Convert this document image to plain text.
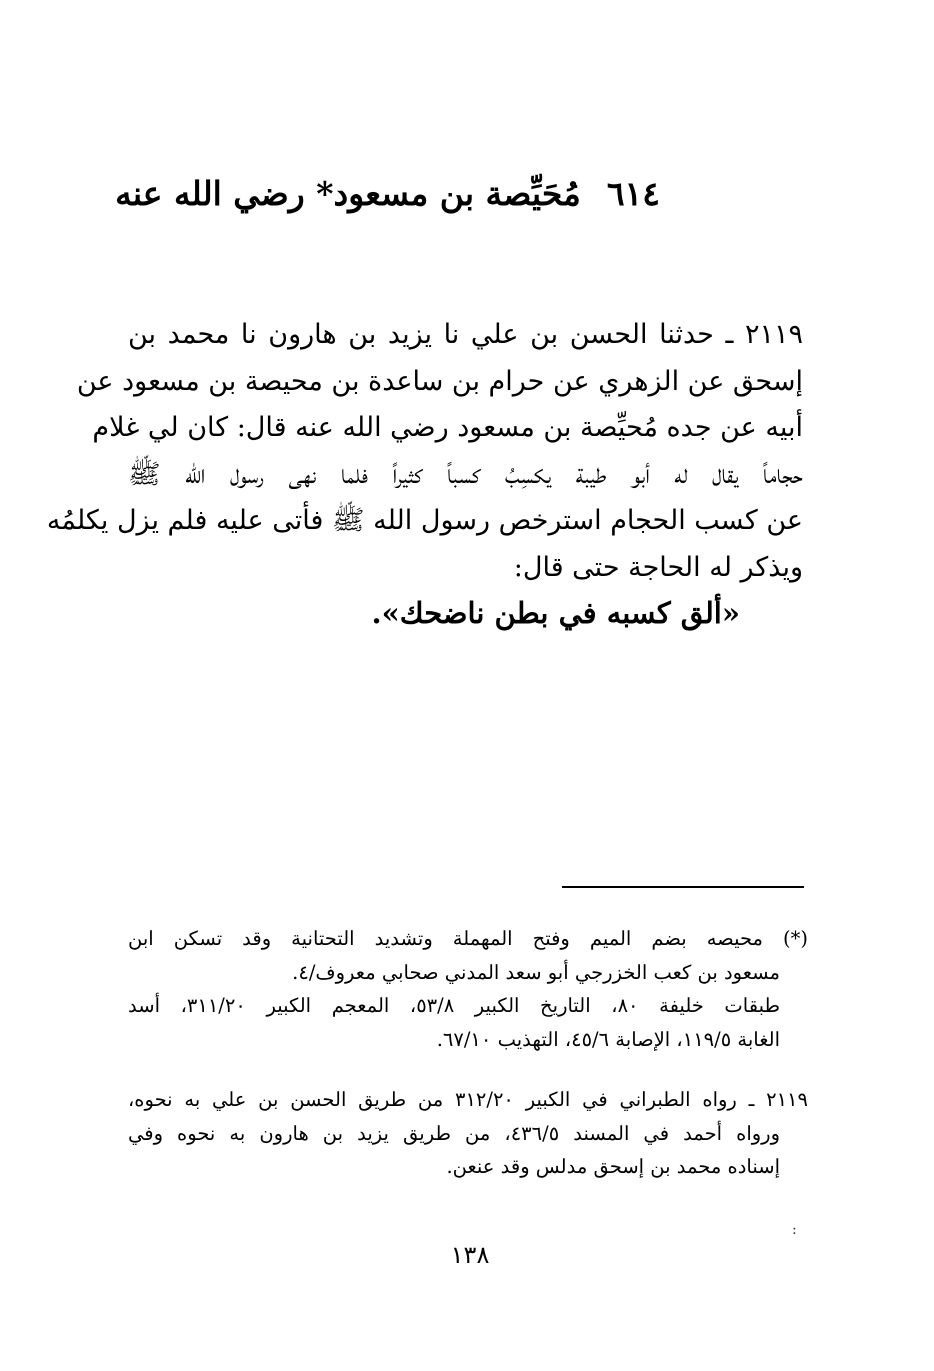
٦١٤مُحَيِّصة بن مسعود* رضي الله عنه
٢١١٩ ـ حدثنا الحسن بن علي نا يزيد بن هارون نا محمد بن
إسحق عن الزهري عن حرام بن ساعدة بن محيصة بن مسعود عن
أبيه عن جده مُحيِّصة بن مسعود رضي الله عنه قال: كان لي غلام
حجاماً يقال له أبو طيبة يكسِبُ كسباً كثيراً فلما نهى رسول الله ﷺ
عن كسب الحجام استرخص رسول الله ﷺ فأتى عليه فلم يزل يكلمُه
ويذكر له الحاجة حتى قال:
«ألق كسبه في بطن ناضحك».
(*) محيصه بضم الميم وفتح المهملة وتشديد التحتانية وقد تسكن ابن
مسعود بن كعب الخزرجي أبو سعد المدني صحابي معروف/٤.
طبقات خليفة ٨٠، التاريخ الكبير ٥٣/٨، المعجم الكبير ٣١١/٢٠، أسد
الغابة ١١٩/٥، الإصابة ٤٥/٦، التهذيب ٦٧/١٠.
٢١١٩ ـ رواه الطبراني في الكبير ٣١٢/٢٠ من طريق الحسن بن علي به نحوه،
ورواه أحمد في المسند ٤٣٦/٥، من طريق يزيد بن هارون به نحوه وفي
إسناده محمد بن إسحق مدلس وقد عنعن.
:
١٣٨
